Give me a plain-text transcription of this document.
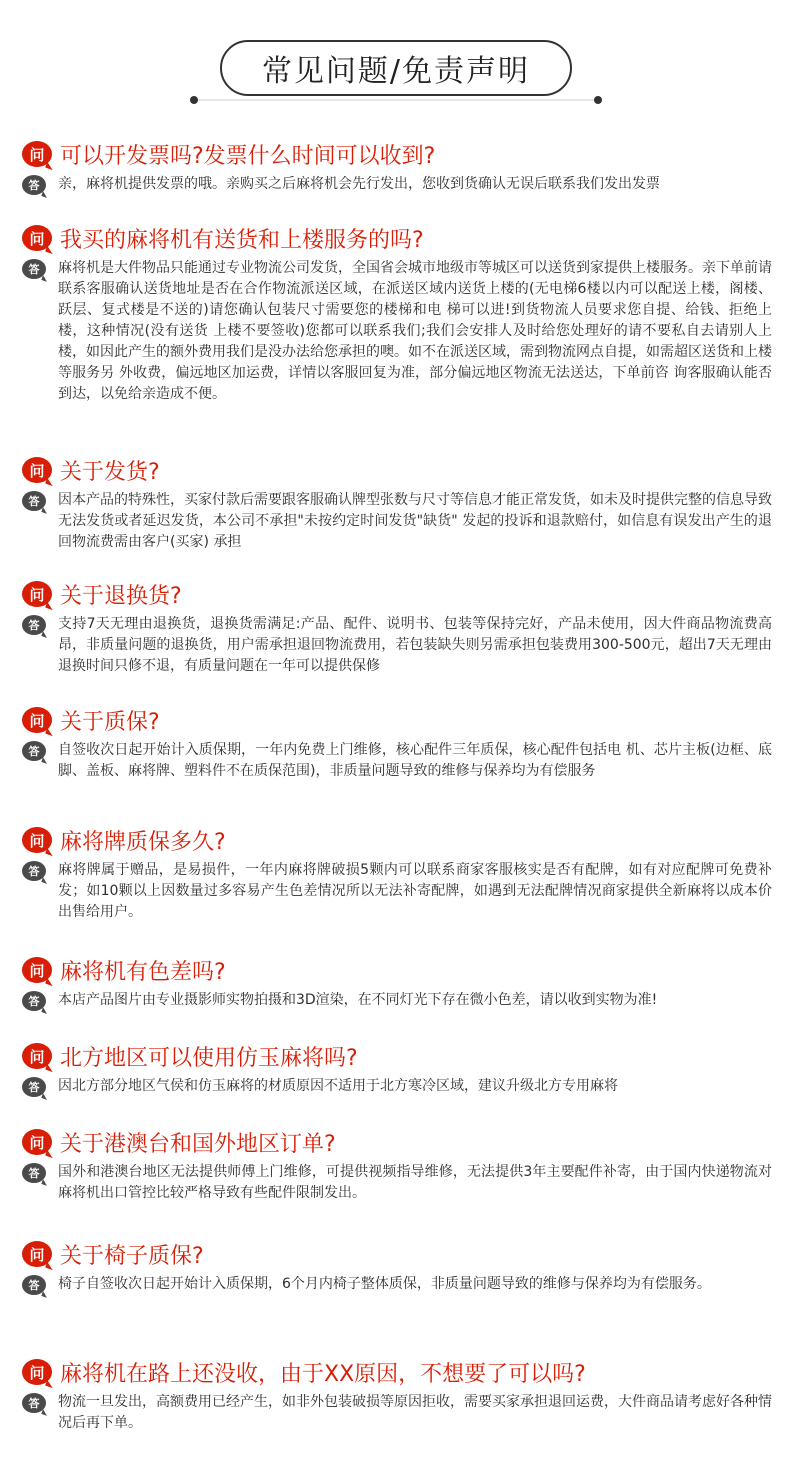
常见问题/免责声明
问 可以开发票吗?发票什么时间可以收到?
答	亲，麻将机提供发票的哦。亲购买之后麻将机会先行发出，您收到货确认无误后联系我们发出发票
问 我买的麻将机有送货和上楼服务的吗?
答	麻将机是大件物品只能通过专业物流公司发货，全国省会城市地级市等城区可以送货到家提供上楼服务。亲下单前请联系客服确认送货地址是否在合作物流派送区域，在派送区域内送货上楼的(无电梯6楼以内可以配送上楼，阁楼、跃层、复式楼是不送的)请您确认包装尺寸需要您的楼梯和电 梯可以进!到货物流人员要求您自提、给钱、拒绝上楼，这种情况(没有送货 上楼不要签收)您都可以联系我们;我们会安排人及时给您处理好的请不要私自去请别人上楼，如因此产生的额外费用我们是没办法给您承担的噢。如不在派送区域，需到物流网点自提，如需超区送货和上楼等服务另 外收费，偏远地区加运费，详情以客服回复为准，部分偏远地区物流无法送达，下单前咨 询客服确认能否到达，以免给亲造成不便。
问 关于发货?
答	因本产品的特殊性，买家付款后需要跟客服确认牌型张数与尺寸等信息才能正常发货，如未及时提供完整的信息导致无法发货或者延迟发货，本公司不承担"未按约定时间发货"缺货" 发起的投诉和退款赔付，如信息有误发出产生的退回物流费需由客户(买家) 承担
问 关于退换货?
答	支持7天无理由退换货，退换货需满足:产品、配件、说明书、包装等保持完好，产品未使用，因大件商品物流费高昂，非质量问题的退换货，用户需承担退回物流费用，若包装缺失则另需承担包装费用300-500元，超出7天无理由退换时间只修不退，有质量问题在一年可以提供保修
问 关于质保?
答	自签收次日起开始计入质保期，一年内免费上门维修，核心配件三年质保，核心配件包括电 机、芯片主板(边框、底脚、盖板、麻将牌、塑料件不在质保范围)，非质量问题导致的维修与保养均为有偿服务
问 麻将牌质保多久?
答	麻将牌属于赠品，是易损件，一年内麻将牌破损5颗内可以联系商家客服核实是否有配牌，如有对应配牌可免费补发；如10颗以上因数量过多容易产生色差情况所以无法补寄配牌，如遇到无法配牌情况商家提供全新麻将以成本价出售给用户。
问 麻将机有色差吗?
答	本店产品图片由专业摄影师实物拍摄和3D渲染，在不同灯光下存在微小色差，请以收到实物为准!
问 北方地区可以使用仿玉麻将吗?
答	因北方部分地区气侯和仿玉麻将的材质原因不适用于北方寒冷区域，建议升级北方专用麻将
问 关于港澳台和国外地区订单?
答	国外和港澳台地区无法提供师傅上门维修，可提供视频指导维修，无法提供3年主要配件补寄，由于国内快递物流对麻将机出口管控比较严格导致有些配件限制发出。
问 关于椅子质保?
答	椅子自签收次日起开始计入质保期，6个月内椅子整体质保，非质量问题导致的维修与保养均为有偿服务。
问 麻将机在路上还没收，由于XX原因，不想要了可以吗?
答	物流一旦发出，高额费用已经产生，如非外包装破损等原因拒收，需要买家承担退回运费，大件商品请考虑好各种情况后再下单。
